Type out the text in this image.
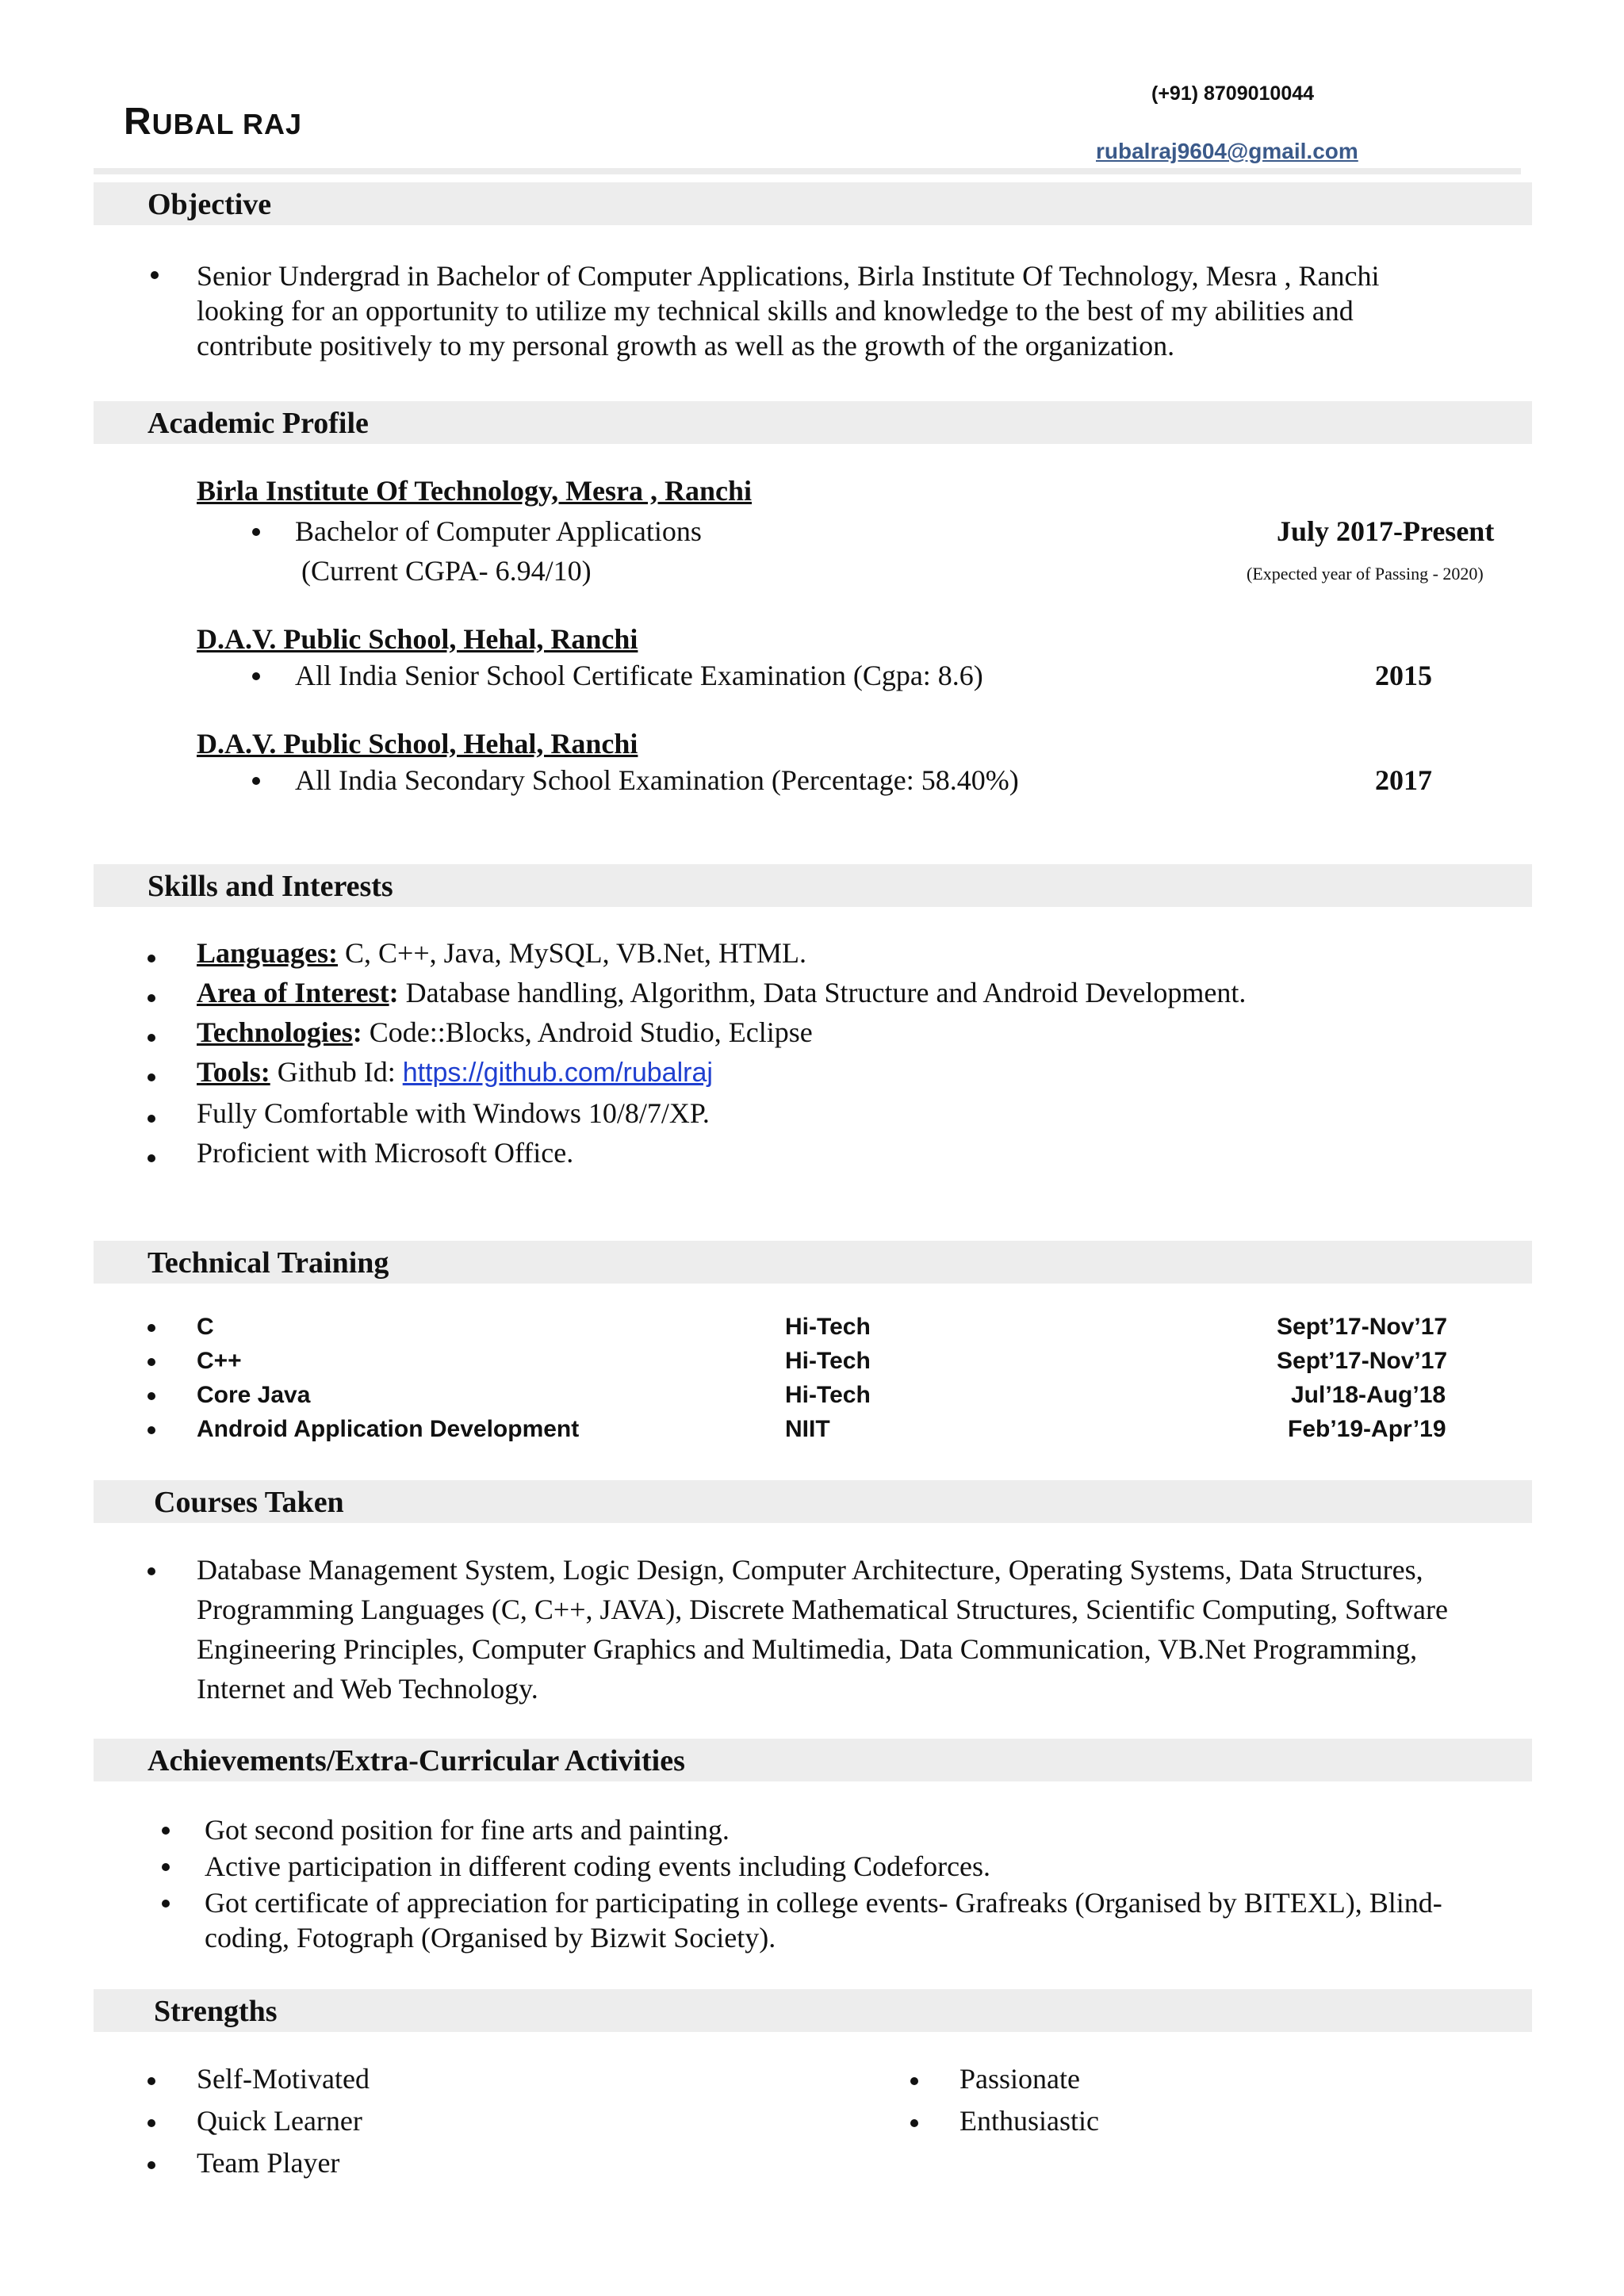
RUBAL RAJ
(+91) 8709010044
rubalraj9604@gmail.com
Objective
Senior Undergrad in Bachelor of Computer Applications, Birla Institute Of Technology, Mesra , Ranchi
looking for an opportunity to utilize my technical skills and knowledge to the best of my abilities and
contribute positively to my personal growth as well as the growth of the organization.
Academic Profile
Birla Institute Of Technology, Mesra , Ranchi
Bachelor of Computer Applications	July 2017-Present
(Current CGPA- 6.94/10)	(Expected year of Passing - 2020)
D.A.V. Public School, Hehal, Ranchi
All India Senior School Certificate Examination (Cgpa: 8.6)	2015
D.A.V. Public School, Hehal, Ranchi
All India Secondary School Examination (Percentage: 58.40%)	2017
Skills and Interests
Languages: C, C++, Java, MySQL, VB.Net, HTML.
Area of Interest: Database handling, Algorithm, Data Structure and Android Development.
Technologies: Code::Blocks, Android Studio, Eclipse
Tools: Github Id: https://github.com/rubalraj
Fully Comfortable with Windows 10/8/7/XP.
Proficient with Microsoft Office.
Technical Training
C	Hi-Tech	Sept’17-Nov’17
C++	Hi-Tech	Sept’17-Nov’17
Core Java	Hi-Tech	Jul’18-Aug’18
Android Application Development	NIIT	Feb’19-Apr’19
Courses Taken
Database Management System, Logic Design, Computer Architecture, Operating Systems, Data Structures,
Programming Languages (C, C++, JAVA), Discrete Mathematical Structures, Scientific Computing, Software
Engineering Principles, Computer Graphics and Multimedia, Data Communication, VB.Net Programming,
Internet and Web Technology.
Achievements/Extra-Curricular Activities
Got second position for fine arts and painting.
Active participation in different coding events including Codeforces.
Got certificate of appreciation for participating in college events- Grafreaks (Organised by BITEXL), Blind-
coding, Fotograph (Organised by Bizwit Society).
Strengths
Self-Motivated
Quick Learner
Team Player
Passionate
Enthusiastic
